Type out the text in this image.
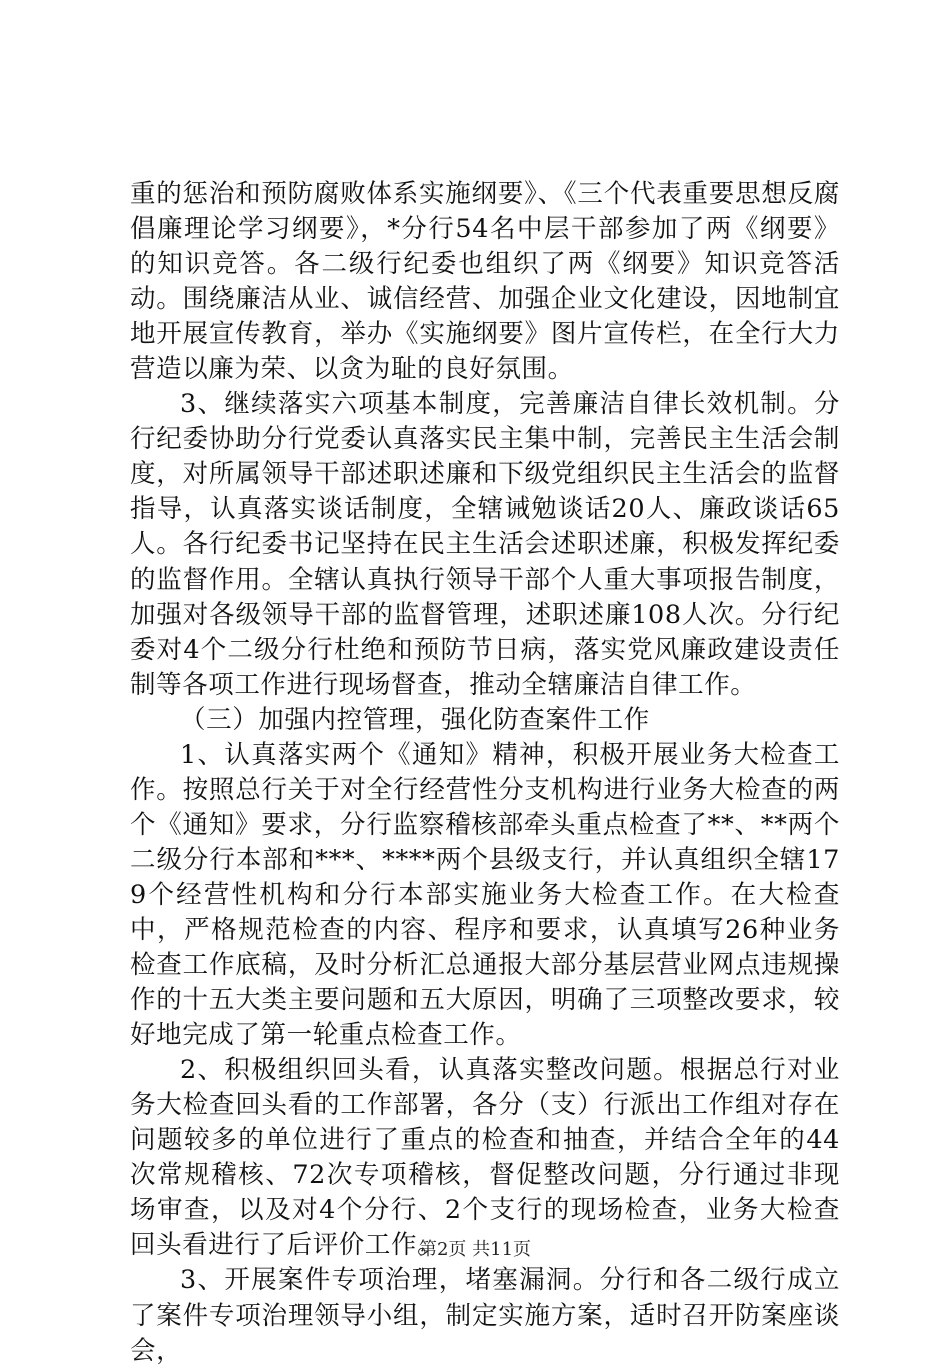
重的惩治和预防腐败体系实施纲要》、《三个代表重要思想反腐倡廉理论学习纲要》，*分行54名中层干部参加了两《纲要》的知识竞答。各二级行纪委也组织了两《纲要》知识竞答活动。围绕廉洁从业、诚信经营、加强企业文化建设，因地制宜地开展宣传教育，举办《实施纲要》图片宣传栏，在全行大力营造以廉为荣、以贪为耻的良好氛围。

3、继续落实六项基本制度，完善廉洁自律长效机制。分行纪委协助分行党委认真落实民主集中制，完善民主生活会制度，对所属领导干部述职述廉和下级党组织民主生活会的监督指导，认真落实谈话制度，全辖诫勉谈话20人、廉政谈话65人。各行纪委书记坚持在民主生活会述职述廉，积极发挥纪委的监督作用。全辖认真执行领导干部个人重大事项报告制度，加强对各级领导干部的监督管理，述职述廉108人次。分行纪委对4个二级分行杜绝和预防节日病，落实党风廉政建设责任制等各项工作进行现场督查，推动全辖廉洁自律工作。

（三）加强内控管理，强化防查案件工作

1、认真落实两个《通知》精神，积极开展业务大检查工作。按照总行关于对全行经营性分支机构进行业务大检查的两个《通知》要求，分行监察稽核部牵头重点检查了**、**两个二级分行本部和***、****两个县级支行，并认真组织全辖179个经营性机构和分行本部实施业务大检查工作。在大检查中，严格规范检查的内容、程序和要求，认真填写26种业务检查工作底稿，及时分析汇总通报大部分基层营业网点违规操作的十五大类主要问题和五大原因，明确了三项整改要求，较好地完成了第一轮重点检查工作。

2、积极组织回头看，认真落实整改问题。根据总行对业务大检查回头看的工作部署，各分（支）行派出工作组对存在问题较多的单位进行了重点的检查和抽查，并结合全年的44次常规稽核、72次专项稽核，督促整改问题，分行通过非现场审查，以及对4个分行、2个支行的现场检查，业务大检查回头看进行了后评价工作。

3、开展案件专项治理，堵塞漏洞。分行和各二级行成立了案件专项治理领导小组，制定实施方案，适时召开防案座谈会，

第2页 共11页
